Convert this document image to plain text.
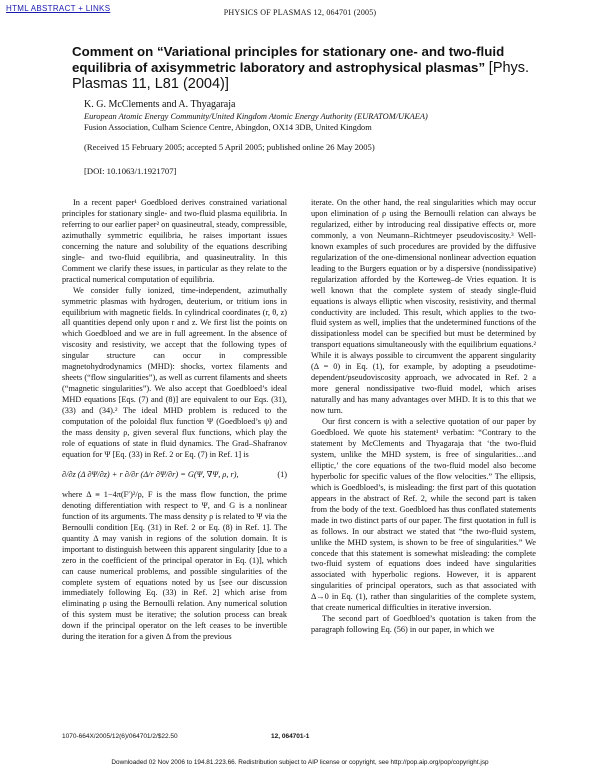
HTML ABSTRACT + LINKS	PHYSICS OF PLASMAS 12, 064701 (2005)
Comment on “Variational principles for stationary one- and two-fluid equilibria of axisymmetric laboratory and astrophysical plasmas” [Phys. Plasmas 11, L81 (2004)]
K. G. McClements and A. Thyagaraja
European Atomic Energy Community/United Kingdom Atomic Energy Authority (EURATOM/UKAEA)
Fusion Association, Culham Science Centre, Abingdon, OX14 3DB, United Kingdom
(Received 15 February 2005; accepted 5 April 2005; published online 26 May 2005)
[DOI: 10.1063/1.1921707]

In a recent paper¹ Goedbloed derives constrained variational principles for stationary single- and two-fluid plasma equilibria. In referring to our earlier paper² on quasineutral, steady, compressible, azimuthally symmetric equilibria, he raises important issues concerning the nature and solubility of the equations describing single- and two-fluid equilibria, and quasineutrality. In this Comment we clarify these issues, in particular as they relate to the practical numerical computation of equilibria.

We consider fully ionized, time-independent, azimuthally symmetric plasmas with hydrogen, deuterium, or tritium ions in equilibrium with magnetic fields. In cylindrical coordinates (r, θ, z) all quantities depend only upon r and z. We first list the points on which Goedbloed and we are in full agreement. In the absence of viscosity and resistivity, we accept that the following types of singular structure can occur in compressible magnetohydrodynamics (MHD): shocks, vortex filaments and sheets (“flow singularities”), as well as current filaments and sheets (“magnetic singularities”). We also accept that Goedbloed’s ideal MHD equations [Eqs. (7) and (8)] are equivalent to our Eqs. (31), (33) and (34).² The ideal MHD problem is reduced to the computation of the poloidal flux function Ψ (Goedbloed’s ψ) and the mass density ρ, given several flux functions, which play the role of equations of state in fluid dynamics. The Grad–Shafranov equation for Ψ [Eq. (33) in Ref. 2 or Eq. (7) in Ref. 1] is

∂/∂z (Δ ∂Ψ/∂z) + r ∂/∂r (Δ/r ∂Ψ/∂r) = G(Ψ, ∇Ψ, ρ, r),	(1)

where Δ ≡ 1−4π(F′)²/ρ, F is the mass flow function, the prime denoting differentiation with respect to Ψ, and G is a nonlinear function of its arguments. The mass density ρ is related to Ψ via the Bernoulli condition [Eq. (31) in Ref. 2 or Eq. (8) in Ref. 1]. The quantity Δ may vanish in regions of the solution domain. It is important to distinguish between this apparent singularity [due to a zero in the coefficient of the principal operator in Eq. (1)], which can cause numerical problems, and possible singularities of the complete system of equations noted by us [see our discussion immediately following Eq. (33) in Ref. 2] which arise from eliminating ρ using the Bernoulli relation. Any numerical solution of this system must be iterative; the solution process can break down if the principal operator on the left ceases to be invertible during the iteration for a given Δ from the previous

iterate. On the other hand, the real singularities which may occur upon elimination of ρ using the Bernoulli relation can always be regularized, either by introducing real dissipative effects or, more commonly, a von Neumann–Richtmeyer pseudoviscosity.³ Well-known examples of such procedures are provided by the diffusive regularization of the one-dimensional nonlinear advection equation leading to the Burgers equation or by a dispersive (nondissipative) regularization afforded by the Korteweg–de Vries equation. It is well known that the complete system of steady single-fluid equations is always elliptic when viscosity, resistivity, and thermal conductivity are included. This result, which applies to the two-fluid system as well, implies that the undetermined functions of the dissipationless model can be specified but must be determined by transport equations simultaneously with the equilibrium equations.² While it is always possible to circumvent the apparent singularity (Δ = 0) in Eq. (1), for example, by adopting a pseudotime-dependent/pseudoviscosity approach, we advocated in Ref. 2 a more general nondissipative two-fluid model, which arises naturally and has many advantages over MHD. It is to this that we now turn.

Our first concern is with a selective quotation of our paper by Goedbloed. We quote his statement¹ verbatim: “Contrary to the statement by McClements and Thyagaraja that ‘the two-fluid system, unlike the MHD system, is free of singularities…and elliptic,’ the core equations of the two-fluid model also become hyperbolic for specific values of the flow velocities.” The ellipsis, which is Goedbloed’s, is misleading: the first part of this quotation appears in the abstract of Ref. 2, while the second part is taken from the body of the text. Goedbloed has thus conflated statements made in two distinct parts of our paper. The first quotation in full is as follows. In our abstract we stated that “the two-fluid system, unlike the MHD system, is shown to be free of singularities.” We concede that this statement is somewhat misleading: the complete two-fluid system of equations does indeed have singularities associated with hyperbolic regions. However, it is apparent singularities of principal operators, such as that associated with Δ→0 in Eq. (1), rather than singularities of the complete system, that create numerical difficulties in iterative inversion.

The second part of Goedbloed’s quotation is taken from the paragraph following Eq. (56) in our paper, in which we

1070-664X/2005/12(6)/064701/2/$22.50	12, 064701-1
Downloaded 02 Nov 2006 to 194.81.223.66. Redistribution subject to AIP license or copyright, see http://pop.aip.org/pop/copyright.jsp
